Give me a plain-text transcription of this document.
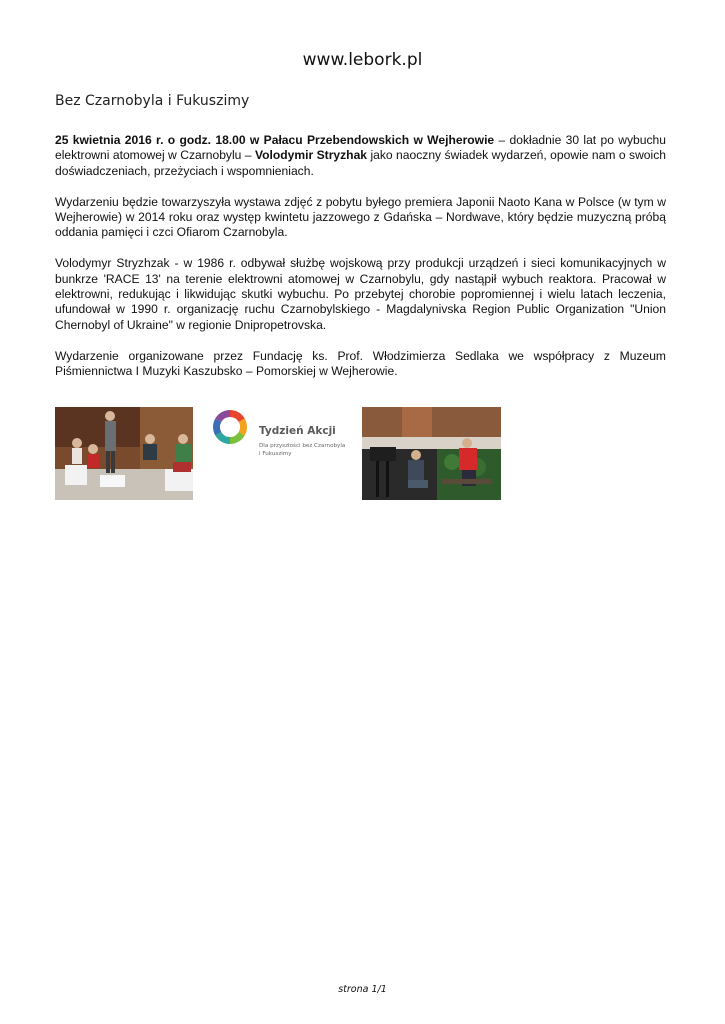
www.lebork.pl
Bez Czarnobyla i Fukuszimy

25 kwietnia 2016 r. o godz. 18.00 w Pałacu Przebendowskich w Wejherowie – dokładnie 30 lat po wybuchu elektrowni atomowej w Czarnobylu – Volodymir Stryzhak jako naoczny świadek wydarzeń, opowie nam o swoich doświadczeniach, przeżyciach i wspomnieniach.

Wydarzeniu będzie towarzyszyła wystawa zdjęć z pobytu byłego premiera Japonii Naoto Kana w Polsce (w tym w Wejherowie) w 2014 roku oraz występ kwintetu jazzowego z Gdańska – Nordwave, który będzie muzyczną próbą oddania pamięci i czci Ofiarom Czarnobyla.

Volodymyr Stryzhzak - w 1986 r. odbywał służbę wojskową przy produkcji urządzeń i sieci komunikacyjnych w bunkrze 'RACE 13' na terenie elektrowni atomowej w Czarnobylu, gdy nastąpił wybuch reaktora. Pracował w elektrowni, redukując i likwidując skutki wybuchu. Po przebytej chorobie popromiennej i wielu latach leczenia, ufundował w 1990 r. organizację ruchu Czarnobylskiego - Magdalynivska Region Public Organization "Union Chernobyl of Ukraine" w regionie Dnipropetrovska.

Wydarzenie organizowane przez Fundację ks. Prof. Włodzimierza Sedlaka we współpracy z Muzeum Piśmiennictwa I Muzyki Kaszubsko – Pomorskiej w Wejherowie.

Tydzień Akcji
Dla przyszłości bez Czarnobyla
i Fukuszimy
strona 1/1
